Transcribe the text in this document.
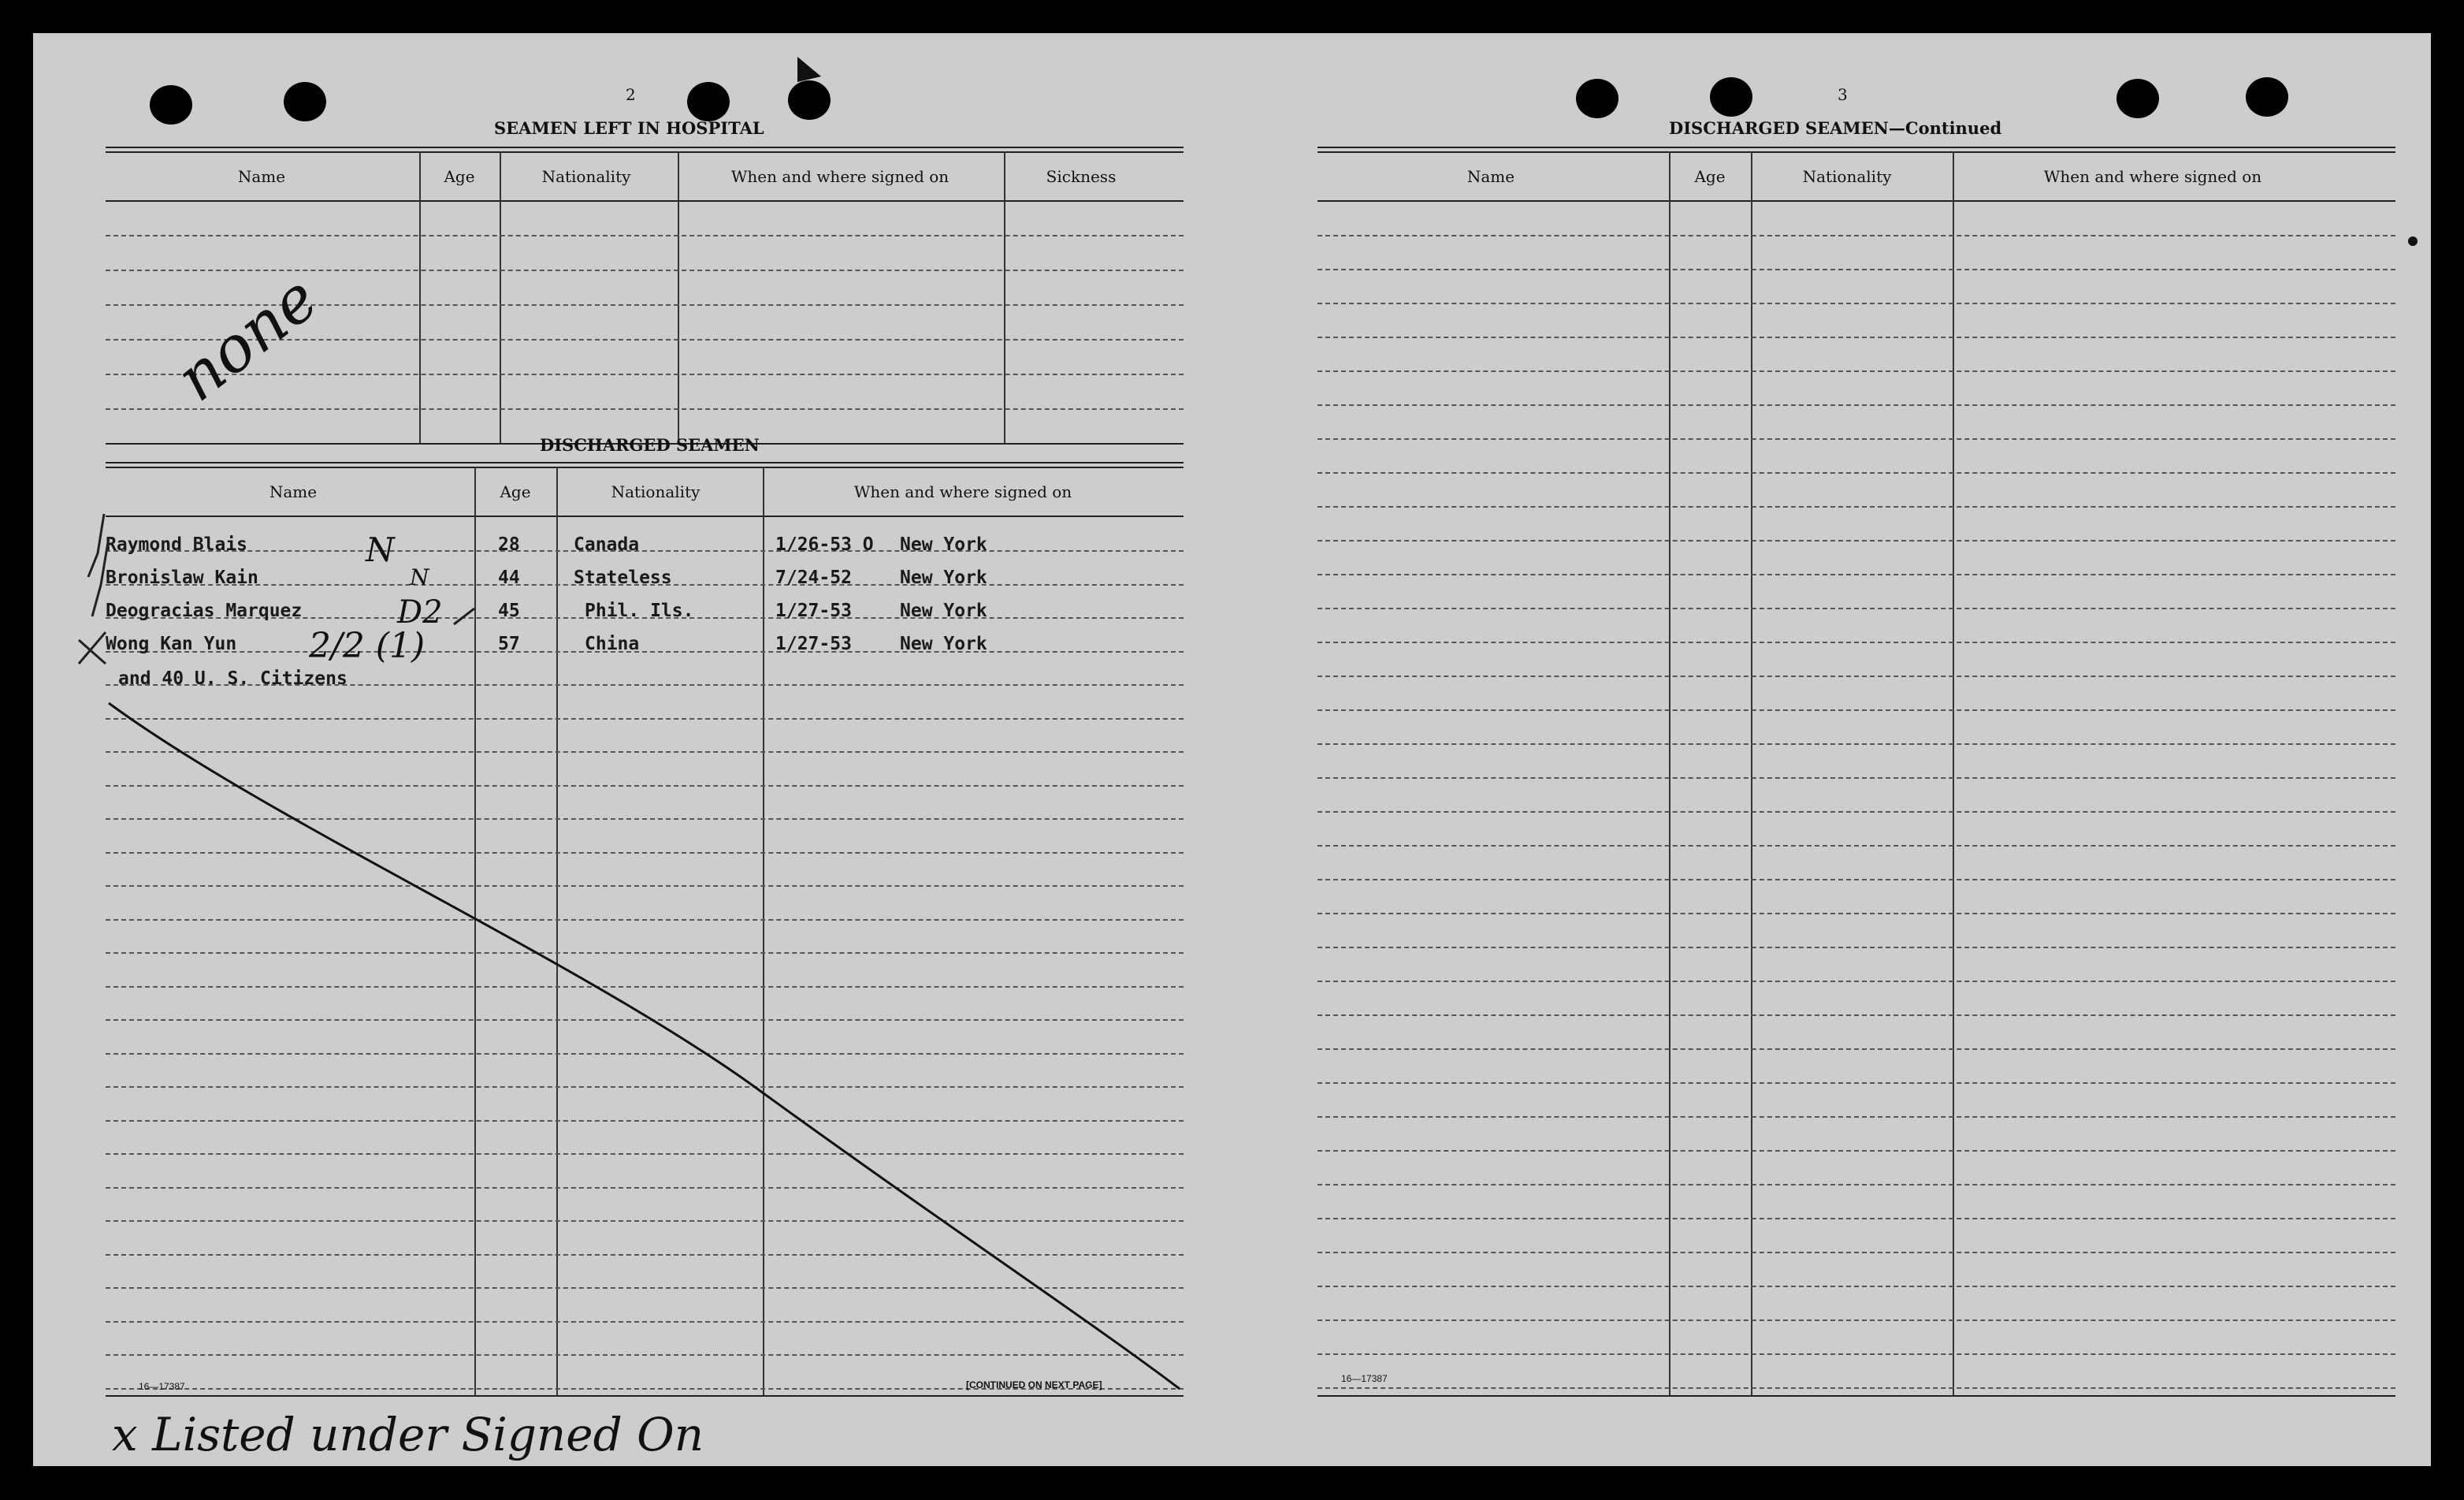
2
SEAMEN LEFT IN HOSPITAL
Name	Age	Nationality	When and where signed on	Sickness
DISCHARGED SEAMEN
Name	Age	Nationality	When and where signed on
Raymond Blais	28	Canada	1/26-53 O New York
Bronislaw Kain	44	Stateless	7/24-52	New York
Deogracias Marquez	45	Phil. Ils.	1/27-53	New York
Wong Kan Yun	57	China	1/27-53	New York
and 40 U. S. Citizens
16—17387	[CONTINUED ON NEXT PAGE]
3
DISCHARGED SEAMEN—Continued
Name	Age	Nationality	When and where signed on
16—17387
none
N
N
D2
2/2 (1)
x Listed under Signed On
